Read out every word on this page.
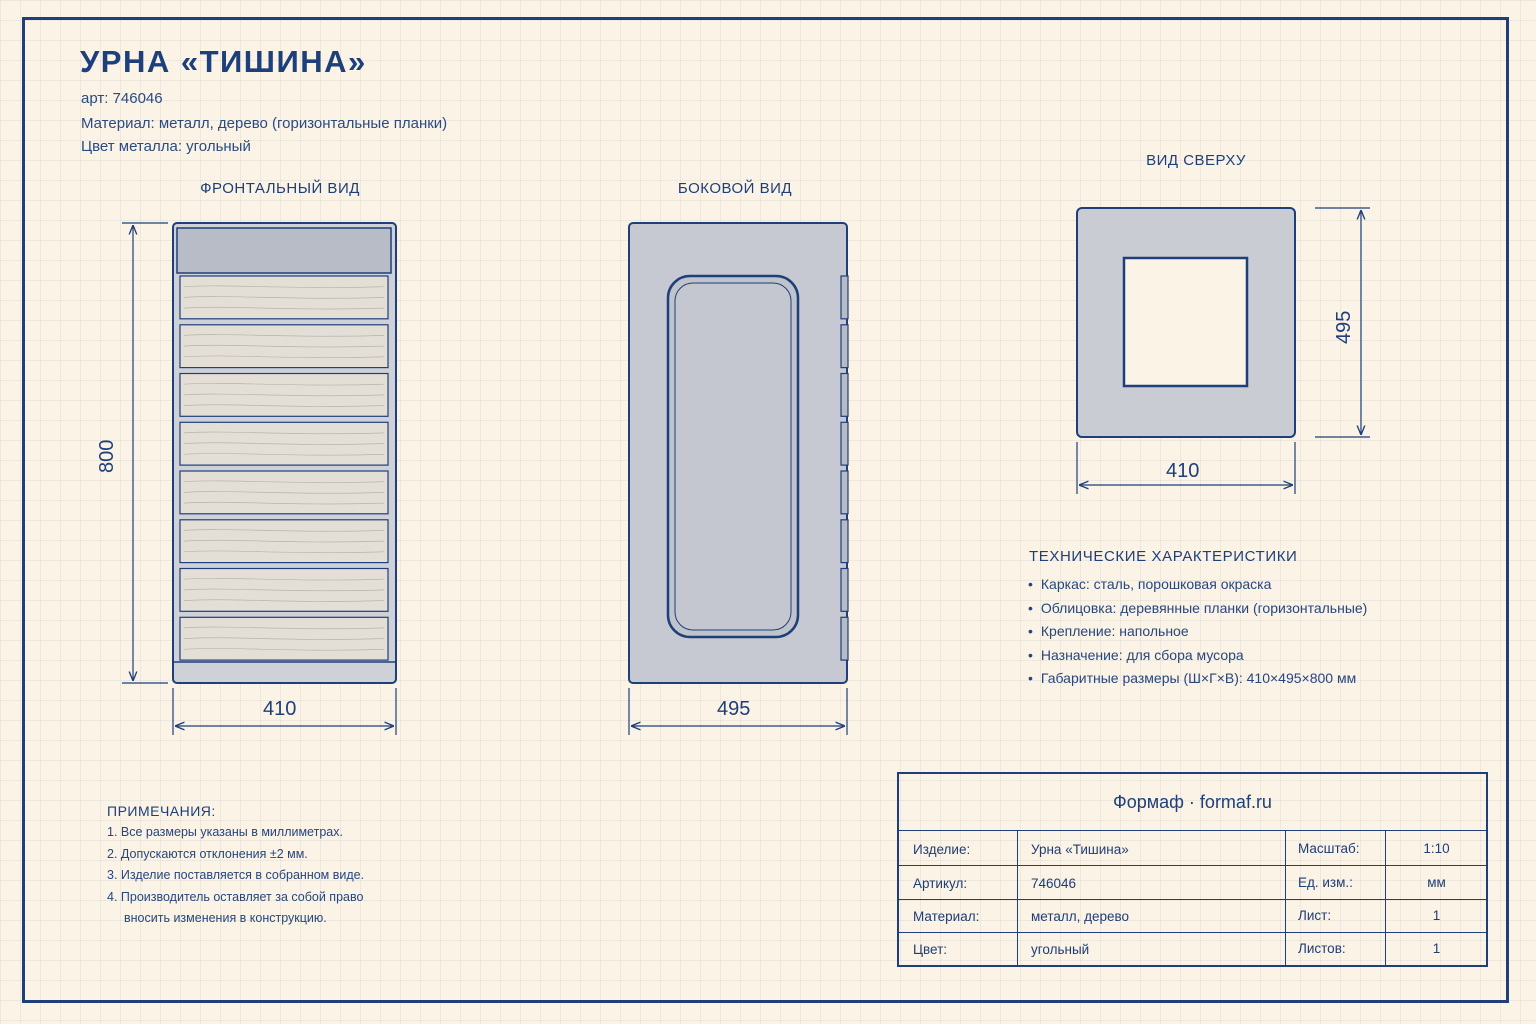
УРНА «ТИШИНА»
арт: 746046
Материал: металл, дерево (горизонтальные планки)
Цвет металла: угольный
ФРОНТАЛЬНЫЙ ВИД	БОКОВОЙ ВИД
ВИД СВЕРХУ
410
800
495
410
495
ТЕХНИЧЕСКИЕ ХАРАКТЕРИСТИКИ
• Каркас: сталь, порошковая окраска
• Облицовка: деревянные планки (горизонтальные)
• Крепление: напольное
• Назначение: для сбора мусора
• Габаритные размеры (Ш×Г×В): 410×495×800 мм
ПРИМЕЧАНИЯ:
1. Все размеры указаны в миллиметрах.
2. Допускаются отклонения ±2 мм.
3. Изделие поставляется в собранном виде.
4. Производитель оставляет за собой право
вносить изменения в конструкцию.
Формаф · formaf.ru
Изделие:	Урна «Тишина»	Масштаб:	1:10
Артикул:	746046	Ед. изм.:	мм
Материал:	металл, дерево	Лист:	1
Цвет:	угольный	Листов:	1
